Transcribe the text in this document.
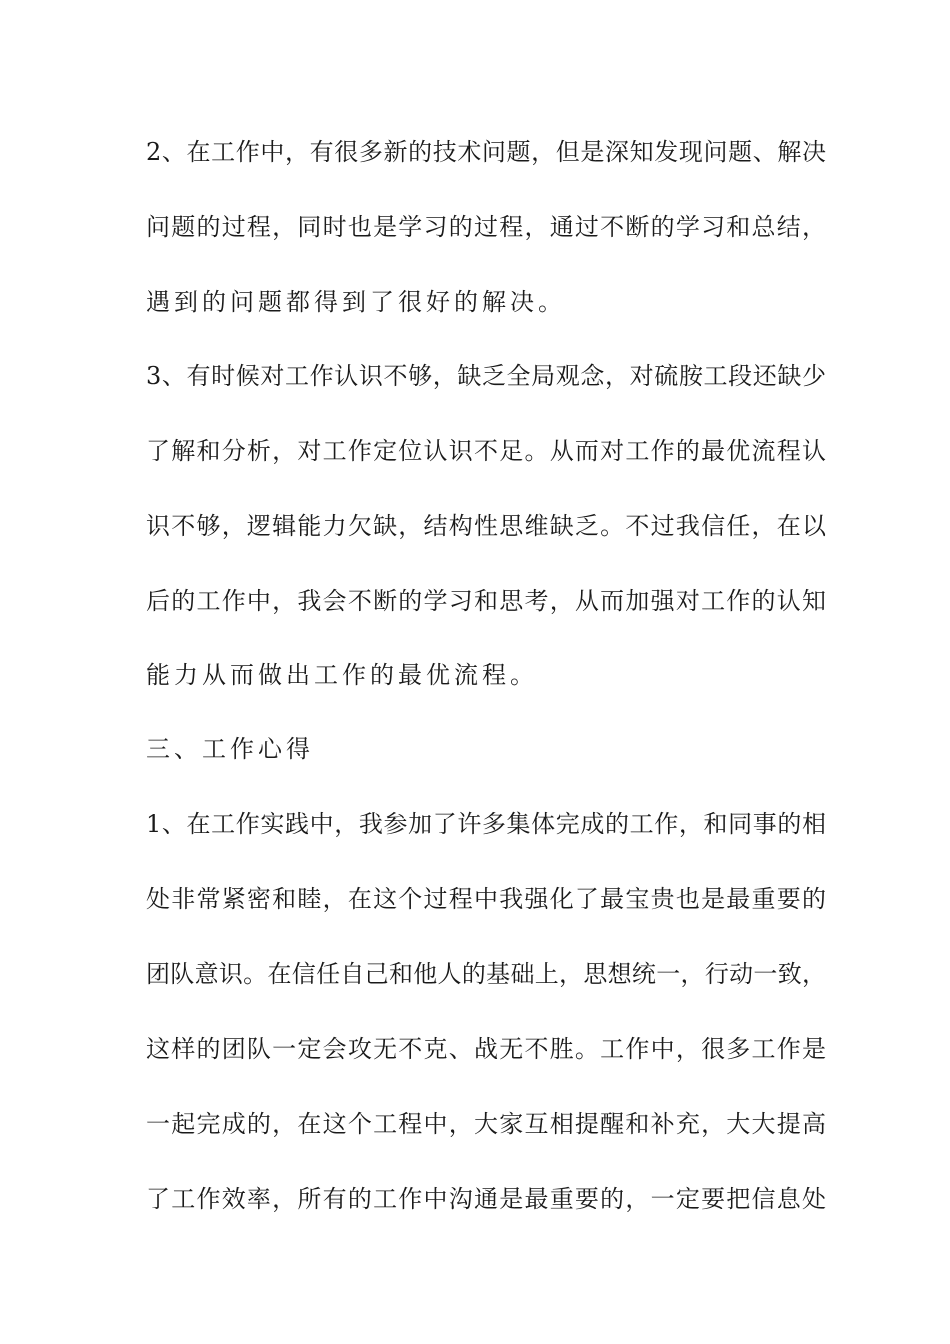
2、在工作中，有很多新的技术问题，但是深知发现问题、解决
问题的过程，同时也是学习的过程，通过不断的学习和总结，
遇到的问题都得到了很好的解决。
3、有时候对工作认识不够，缺乏全局观念，对硫胺工段还缺少
了解和分析，对工作定位认识不足。从而对工作的最优流程认
识不够，逻辑能力欠缺，结构性思维缺乏。不过我信任，在以
后的工作中，我会不断的学习和思考，从而加强对工作的认知
能力从而做出工作的最优流程。
三、工作心得
1、在工作实践中，我参加了许多集体完成的工作，和同事的相
处非常紧密和睦，在这个过程中我强化了最宝贵也是最重要的
团队意识。在信任自己和他人的基础上，思想统一，行动一致，
这样的团队一定会攻无不克、战无不胜。工作中，很多工作是
一起完成的，在这个工程中，大家互相提醒和补充，大大提高
了工作效率，所有的工作中沟通是最重要的，一定要把信息处
